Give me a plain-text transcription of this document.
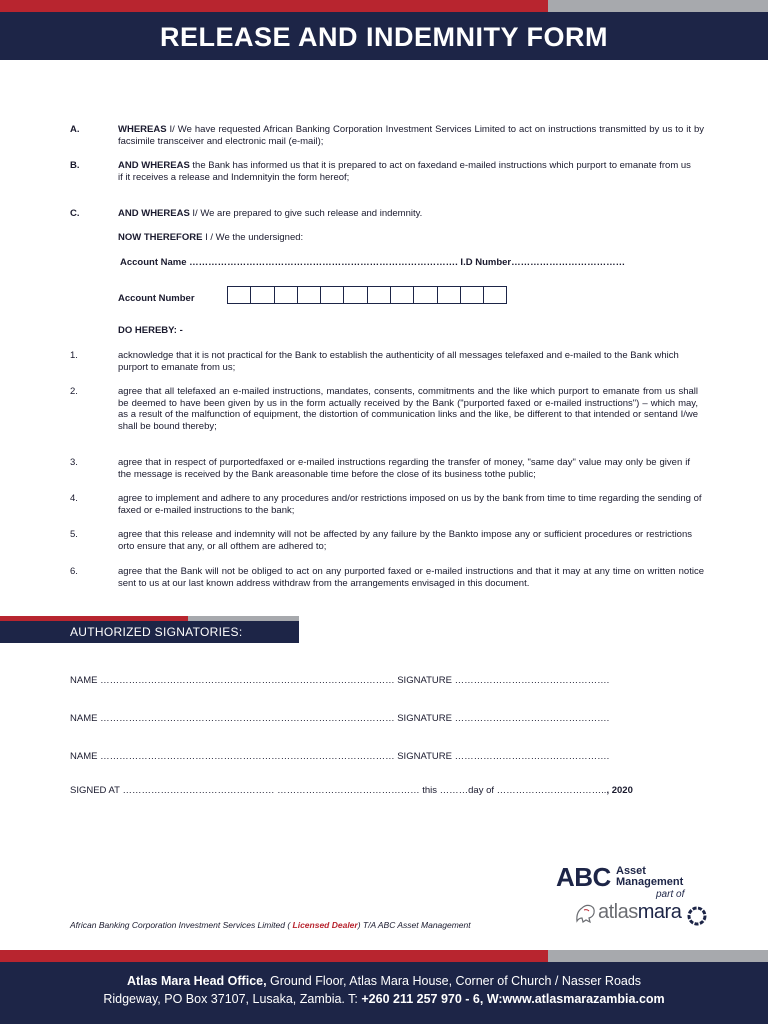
RELEASE AND INDEMNITY FORM
A.	WHEREAS I/ We have requested African Banking Corporation Investment Services Limited to act on instructions transmitted by us to it by facsimile transceiver and electronic mail (e-mail);
B.	AND WHEREAS the Bank has informed us that it is prepared to act on faxedand e-mailed instructions which purport to emanate from us if it receives a release and Indemnityin the form hereof;
C.	AND WHEREAS I/ We are prepared to give such release and indemnity.
NOW THEREFORE I / We the undersigned:
Account Name …………………………………………………………………………. I.D Number………………………………
Account Number
DO HEREBY: -
1.	acknowledge that it is not practical for the Bank to establish the authenticity of all messages telefaxed and e-mailed to the Bank which purport to emanate from us;
2.	agree that all telefaxed an e-mailed instructions, mandates, consents, commitments and the like which purport to emanate from us shall be deemed to have been given by us in the form actually received by the Bank ("purported faxed or e-mailed instructions") – which may, as a result of the malfunction of equipment, the distortion of communication links and the like, be different to that intended or sentand I/we shall be bound thereby;
3.	agree that in respect of purportedfaxed or e-mailed instructions regarding the transfer of money, "same day" value may only be given if the message is received by the Bank areasonable time before the close of its business tothe public;
4.	agree to implement and adhere to any procedures and/or restrictions imposed on us by the bank from time to time regarding the sending of faxed or e-mailed instructions to the bank;
5.	agree that this release and indemnity will not be affected by any failure by the Bankto impose any or sufficient procedures or restrictions orto ensure that any, or all ofthem are adhered to;
6.	agree that the Bank will not be obliged to act on any purported faxed or e-mailed instructions and that it may at any time on written notice sent to us at our last known address withdraw from the arrangements envisaged in this document.
AUTHORIZED SIGNATORIES:
NAME ………………………………………………………………………………… SIGNATURE ………………………………………….
NAME ………………………………………………………………………………… SIGNATURE ………………………………………….
NAME ………………………………………………………………………………… SIGNATURE ………………………………………….
SIGNED AT ………………………………………… ……………………………………… this ………day of …………………………….., 2020
ABC Asset
Management
part of
atlasmara
African Banking Corporation Investment Services Limited ( Licensed Dealer) T/A ABC Asset Management
Atlas Mara Head Office, Ground Floor, Atlas Mara House, Corner of Church / Nasser Roads
Ridgeway, PO Box 37107, Lusaka, Zambia. T: +260 211 257 970 - 6, W:www.atlasmarazambia.com
